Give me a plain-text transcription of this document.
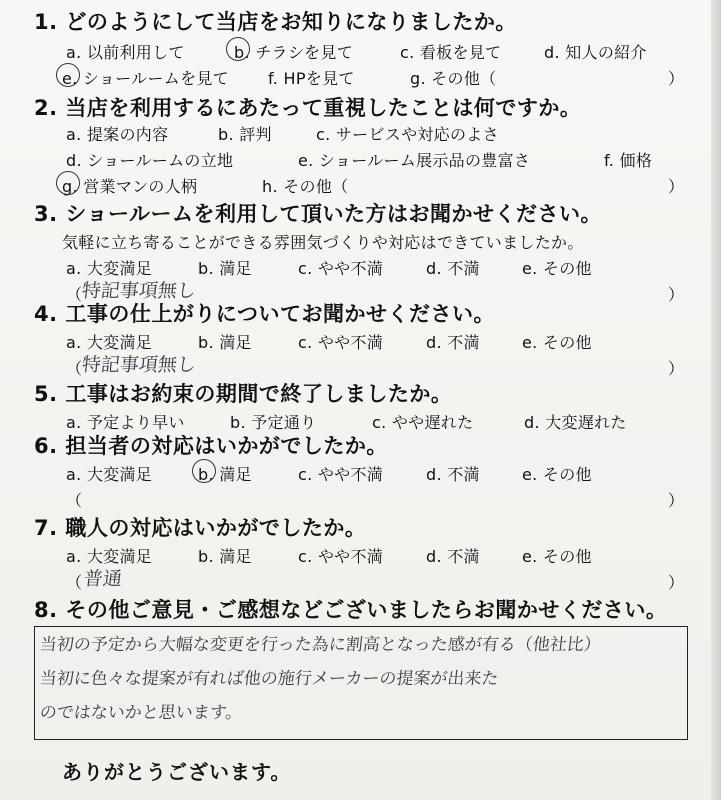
1. どのようにして当店をお知りになりましたか。
a. 以前利用して	b. チラシを見て	c. 看板を見て	d. 知人の紹介
e. ショールームを見て f. HPを見て	g. その他（	）
2. 当店を利用するにあたって重視したことは何ですか。
a. 提案の内容	b. 評判	c. サービスや対応のよさ
d. ショールームの立地	e. ショールーム展示品の豊富さ	f. 価格
g. 営業マンの人柄	h. その他（	）
3. ショールームを利用して頂いた方はお聞かせください。
気軽に立ち寄ることができる雰囲気づくりや対応はできていましたか。
a. 大変満足	b. 満足	c. やや不満	d. 不満	e. その他
（
特記事項無し	）
4. 工事の仕上がりについてお聞かせください。
a. 大変満足	b. 満足	c. やや不満	d. 不満	e. その他
（
特記事項無し	）
5. 工事はお約束の期間で終了しましたか。
a. 予定より早い	b. 予定通り	c. やや遅れた	d. 大変遅れた
6. 担当者の対応はいかがでしたか。
a. 大変満足	b. 満足	c. やや不満	d. 不満	e. その他
（	）
7. 職人の対応はいかがでしたか。
a. 大変満足	b. 満足	c. やや不満	d. 不満	e. その他
（ 普通	）
8. その他ご意見・ご感想などございましたらお聞かせください。
当初の予定から大幅な変更を行った為に割高となった感が有る（他社比）
当初に色々な提案が有れば他の施行メーカーの提案が出来た
のではないかと思います。
ありがとうございます。
